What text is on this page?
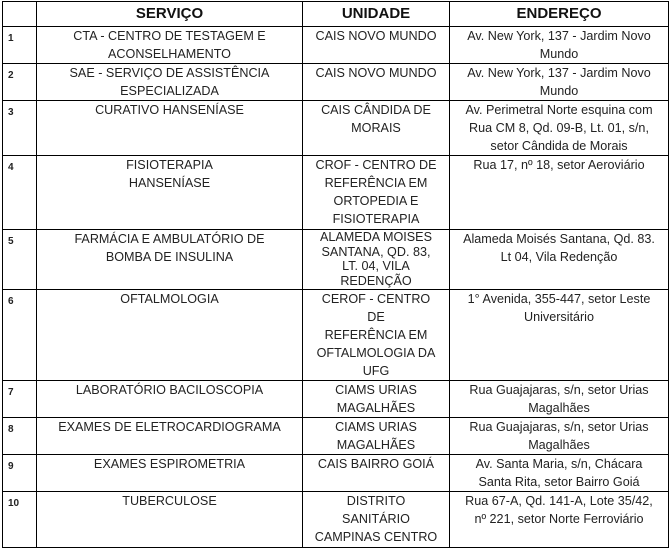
	SERVIÇO	UNIDADE	ENDEREÇO
1	CTA - CENTRO DE TESTAGEM E
ACONSELHAMENTO	CAIS NOVO MUNDO	Av. New York, 137 - Jardim Novo
Mundo

2	SAE - SERVIÇO DE ASSISTÊNCIA
ESPECIALIZADA	CAIS NOVO MUNDO	Av. New York, 137 - Jardim Novo
Mundo

3	CURATIVO HANSENÍASE	CAIS CÂNDIDA DE
MORAIS	Av. Perimetral Norte esquina com
Rua CM 8, Qd. 09-B, Lt. 01, s/n,
setor Cândida de Morais

4	FISIOTERAPIA
HANSENÍASE	CROF - CENTRO DE
REFERÊNCIA EM
ORTOPEDIA E
FISIOTERAPIA	Rua 17, nº 18, setor Aeroviário

5	FARMÁCIA E AMBULATÓRIO DE
BOMBA DE INSULINA	ALAMEDA MOISES
SANTANA, QD. 83,
LT. 04, VILA
REDENÇÃO	Alameda Moisés Santana, Qd. 83.
Lt 04, Vila Redenção

6	OFTALMOLOGIA	CEROF - CENTRO
DE
REFERÊNCIA EM
OFTALMOLOGIA DA
UFG	1° Avenida, 355-447, setor Leste
Universitário

7	LABORATÓRIO BACILOSCOPIA	CIAMS URIAS
MAGALHÃES	Rua Guajajaras, s/n, setor Urias
Magalhães

8	EXAMES DE ELETROCARDIOGRAMA	CIAMS URIAS
MAGALHÃES	Rua Guajajaras, s/n, setor Urias
Magalhães

9	EXAMES ESPIROMETRIA	CAIS BAIRRO GOIÁ	Av. Santa Maria, s/n, Chácara
Santa Rita, setor Bairro Goiá

10	TUBERCULOSE	DISTRITO
SANITÁRIO
CAMPINAS CENTRO	Rua 67-A, Qd. 141-A, Lote 35/42,
nº 221, setor Norte Ferroviário
